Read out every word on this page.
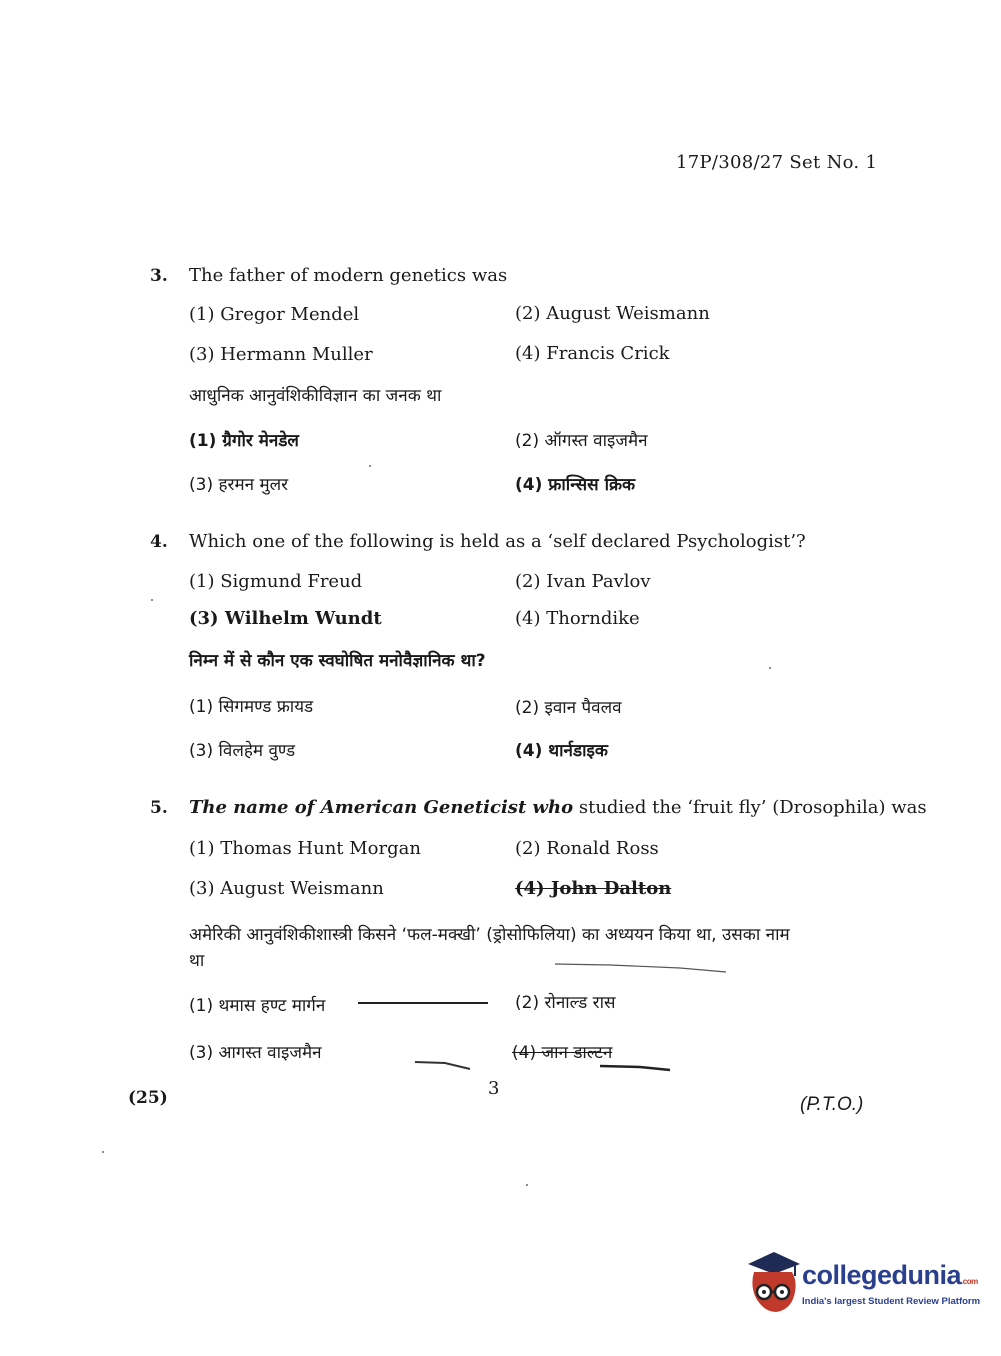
17P/308/27 Set No. 1
3. The father of modern genetics was
(1) Gregor Mendel	(2) August Weismann
(3) Hermann Muller	(4) Francis Crick
आधुनिक आनुवंशिकीविज्ञान का जनक था
(1) ग्रैगोर मेनडेल	(2) ऑगस्त वाइजमैन
(3) हरमन मुलर	(4) फ्रान्सिस क्रिक
4. Which one of the following is held as a ‘self declared Psychologist’?
(1) Sigmund Freud	(2) Ivan Pavlov
(3) Wilhelm Wundt	(4) Thorndike
निम्न में से कौन एक स्वघोषित मनोवैज्ञानिक था?
(1) सिगमण्ड फ्रायड	(2) इवान पैवलव
(3) विलहेम वुण्ड	(4) थार्नडाइक
5. The name of American Geneticist who studied the ‘fruit fly’ (Drosophila) was
(1) Thomas Hunt Morgan	(2) Ronald Ross
(3) August Weismann	(4) John Dalton
अमेरिकी आनुवंशिकीशास्त्री किसने ‘फल-मक्खी’ (ड्रोसोफिलिया) का अध्ययन किया था, उसका नाम
था
(1) थमास हण्ट मार्गन	(2) रोनाल्ड रास
(3) आगस्त वाइजमैन	(4) जान डाल्टन
(25)	3
(P.T.O.)
collegedunia.com
India's largest Student Review Platform
